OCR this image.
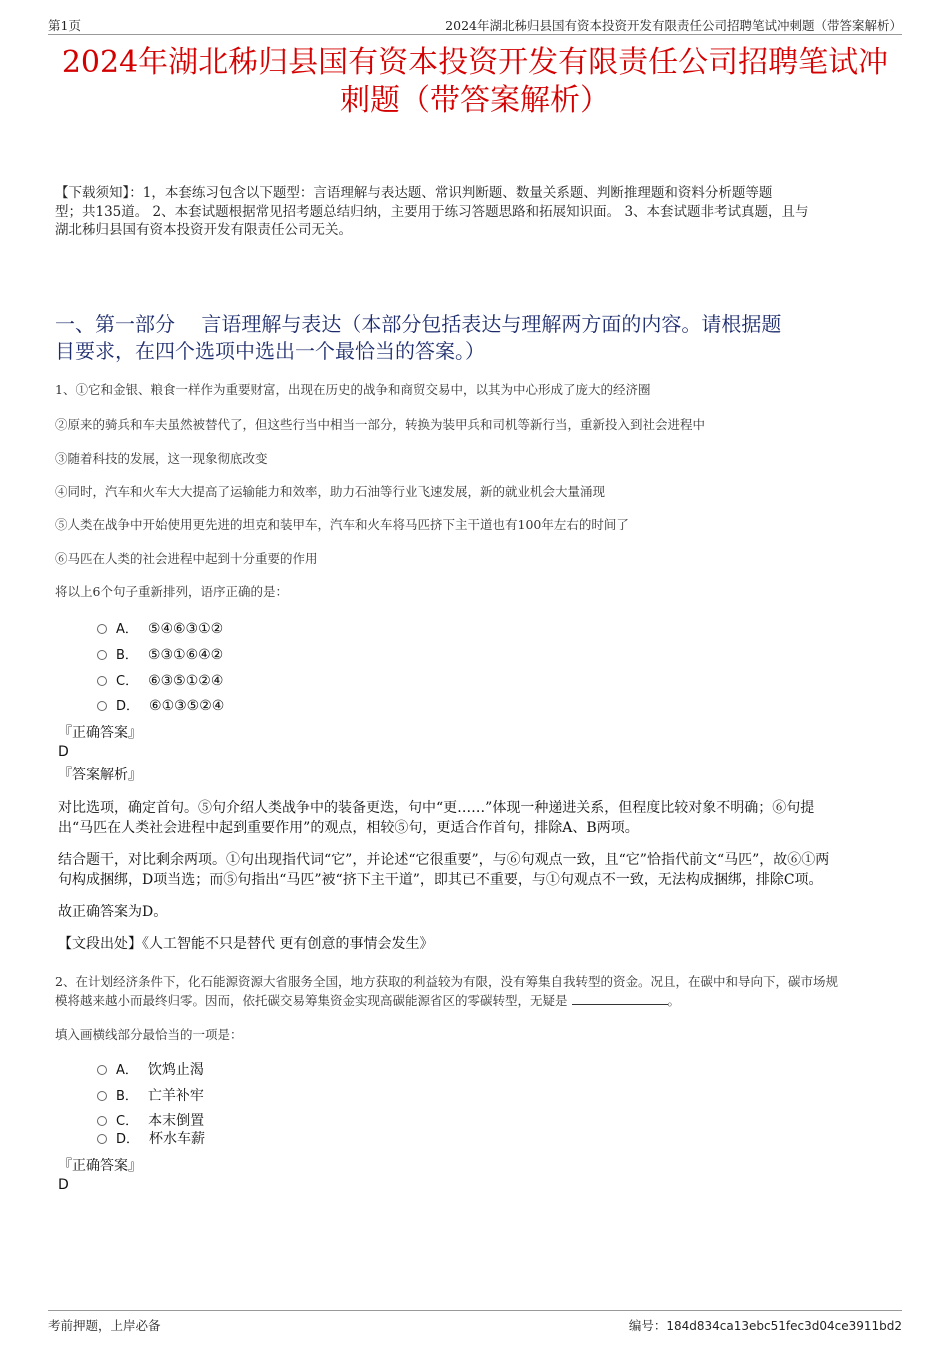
第1页	2024年湖北秭归县国有资本投资开发有限责任公司招聘笔试冲刺题（带答案解析）
2024年湖北秭归县国有资本投资开发有限责任公司招聘笔试冲
刺题（带答案解析）
【下载须知】：1，本套练习包含以下题型：言语理解与表达题、常识判断题、数量关系题、判断推理题和资料分析题等题
型；共135道。 2、本套试题根据常见招考题总结归纳，主要用于练习答题思路和拓展知识面。 3、本套试题非考试真题，且与
湖北秭归县国有资本投资开发有限责任公司无关。
一、第一部分　 言语理解与表达（本部分包括表达与理解两方面的内容。请根据题
目要求，在四个选项中选出一个最恰当的答案。）
1、①它和金银、粮食一样作为重要财富，出现在历史的战争和商贸交易中，以其为中心形成了庞大的经济圈
②原来的骑兵和车夫虽然被替代了，但这些行当中相当一部分，转换为装甲兵和司机等新行当，重新投入到社会进程中
③随着科技的发展，这一现象彻底改变
④同时，汽车和火车大大提高了运输能力和效率，助力石油等行业飞速发展，新的就业机会大量涌现
⑤人类在战争中开始使用更先进的坦克和装甲车，汽车和火车将马匹挤下主干道也有100年左右的时间了
⑥马匹在人类的社会进程中起到十分重要的作用
将以上6个句子重新排列，语序正确的是：
A． ⑤④⑥③①②
B． ⑤③①⑥④②
C． ⑥③⑤①②④
D． ⑥①③⑤②④
『正确答案』
D
『答案解析』
对比选项，确定首句。⑤句介绍人类战争中的装备更迭，句中“更……”体现一种递进关系，但程度比较对象不明确；⑥句提
出“马匹在人类社会进程中起到重要作用”的观点，相较⑤句，更适合作首句，排除A、B两项。
结合题干，对比剩余两项。①句出现指代词“它”，并论述“它很重要”，与⑥句观点一致，且“它”恰指代前文“马匹”，故⑥①两
句构成捆绑，D项当选；而⑤句指出“马匹”被“挤下主干道”，即其已不重要，与①句观点不一致，无法构成捆绑，排除C项。
故正确答案为D。
【文段出处】《人工智能不只是替代 更有创意的事情会发生》
2、在计划经济条件下，化石能源资源大省服务全国，地方获取的利益较为有限，没有筹集自我转型的资金。况且，在碳中和导向下，碳市场规
模将越来越小而最终归零。因而，依托碳交易筹集资金实现高碳能源省区的零碳转型，无疑是	。
填入画横线部分最恰当的一项是：
A． 饮鸩止渴
B． 亡羊补牢
C． 本末倒置
D． 杯水车薪
『正确答案』
D
考前押题，上岸必备	编号：184d834ca13ebc51fec3d04ce3911bd2
